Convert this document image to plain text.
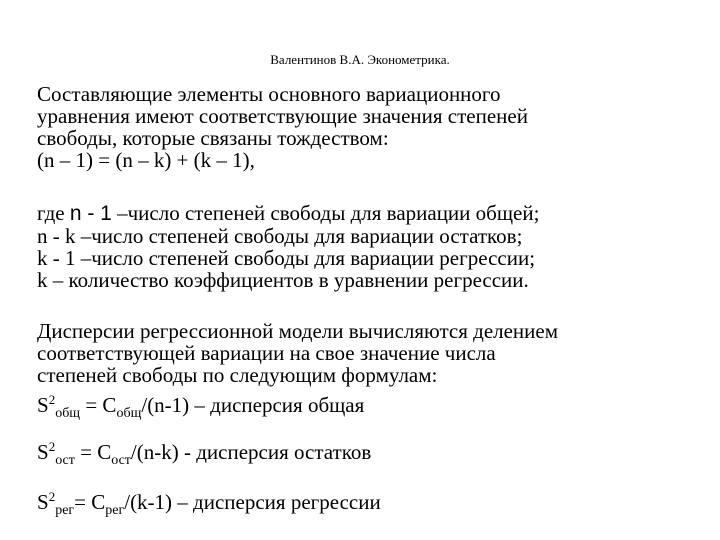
Валентинов В.А. Эконометрика.
Составляющие элементы основного вариационного
уравнения имеют соответствующие значения степеней
свободы, которые связаны тождеством:
(n – 1) = (n – k) + (k – 1),
где n - 1 –число степеней свободы для вариации общей;
n - k –число степеней свободы для вариации остатков;
k - 1 –число степеней свободы для вариации регрессии;
k – количество коэффициентов в уравнении регрессии.
Дисперсии регрессионной модели вычисляются делением
соответствующей вариации на свое значение числа
степеней свободы по следующим формулам:
$S^2_{общ} = C_{общ}/(n-1)$ – дисперсия общая
$S^2_{ост} = C_{ост}/(n-k)$ - дисперсия остатков
$S^2_{рег}= C_{рег}/(k-1)$ – дисперсия регрессии
